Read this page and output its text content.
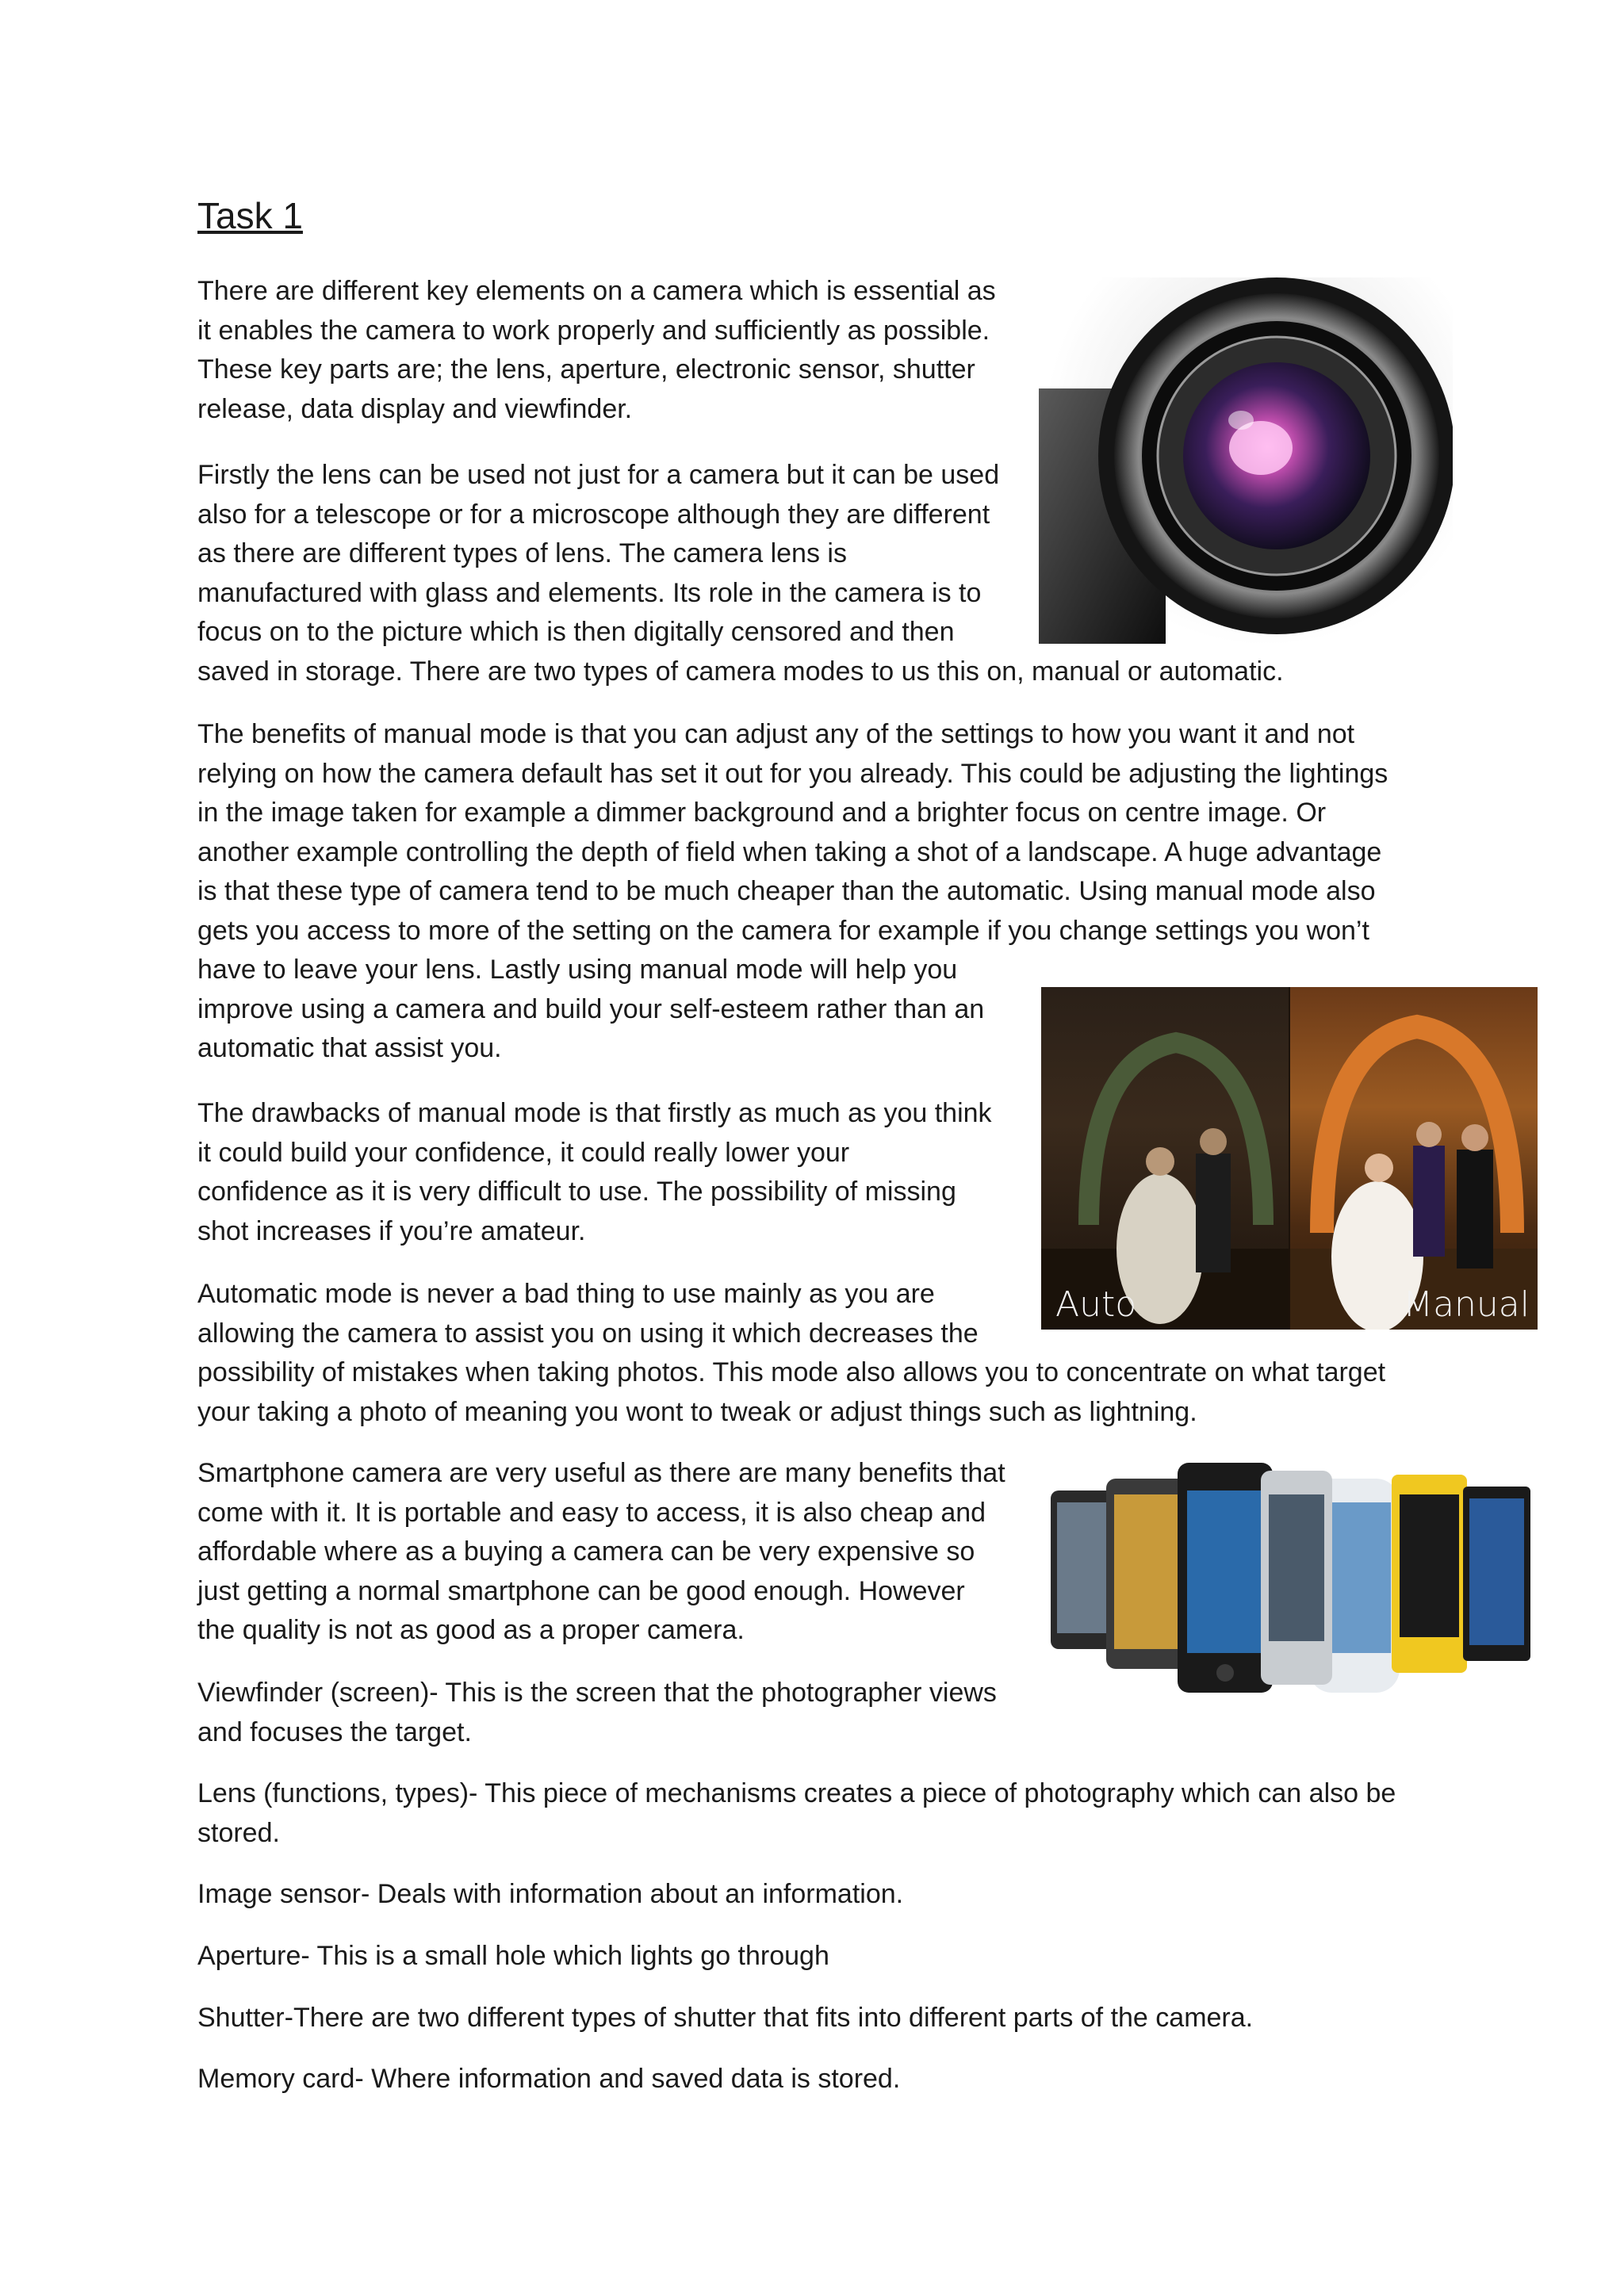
Task 1

There are different key elements on a camera which is essential as
it enables the camera to work properly and sufficiently as possible.
These key parts are; the lens, aperture, electronic sensor, shutter
release, data display and viewfinder.

Firstly the lens can be used not just for a camera but it can be used
also for a telescope or for a microscope although they are different
as there are different types of lens. The camera lens is
manufactured with glass and elements. Its role in the camera is to
focus on to the picture which is then digitally censored and then
saved in storage. There are two types of camera modes to us this on, manual or automatic.

The benefits of manual mode is that you can adjust any of the settings to how you want it and not
relying on how the camera default has set it out for you already. This could be adjusting the lightings
in the image taken for example a dimmer background and a brighter focus on centre image. Or
another example controlling the depth of field when taking a shot of a landscape. A huge advantage
is that these type of camera tend to be much cheaper than the automatic. Using manual mode also
gets you access to more of the setting on the camera for example if you change settings you won’t
have to leave your lens. Lastly using manual mode will help you
improve using a camera and build your self-esteem rather than an
automatic that assist you.

The drawbacks of manual mode is that firstly as much as you think
it could build your confidence, it could really lower your
confidence as it is very difficult to use. The possibility of missing
shot increases if you’re amateur.

Automatic mode is never a bad thing to use mainly as you are
allowing the camera to assist you on using it which decreases the
possibility of mistakes when taking photos. This mode also allows you to concentrate on what target
your taking a photo of meaning you wont to tweak or adjust things such as lightning.

Smartphone camera are very useful as there are many benefits that
come with it. It is portable and easy to access, it is also cheap and
affordable where as a buying a camera can be very expensive so
just getting a normal smartphone can be good enough. However
the quality is not as good as a proper camera.

Viewfinder (screen)- This is the screen that the photographer views
and focuses the target.

Lens (functions, types)- This piece of mechanisms creates a piece of photography which can also be
stored.

Image sensor- Deals with information about an information.

Aperture- This is a small hole which lights go through

Shutter-There are two different types of shutter that fits into different parts of the camera.

Memory card- Where information and saved data is stored.

Auto	Manual
